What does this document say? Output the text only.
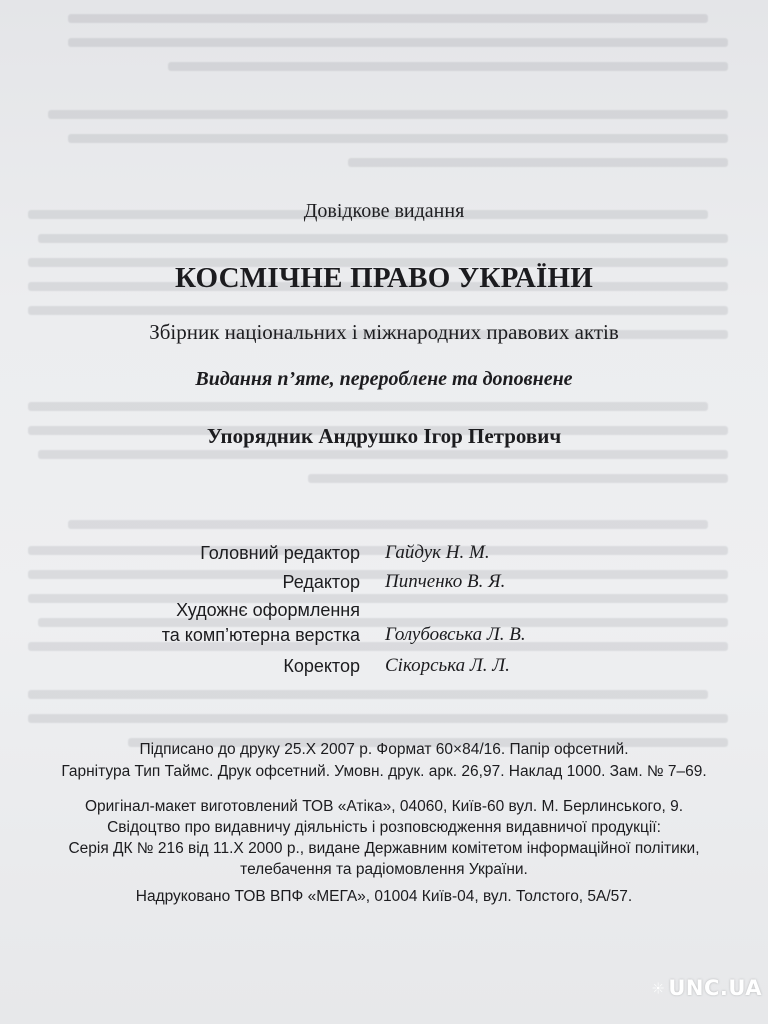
Довідкове видання
КОСМІЧНЕ ПРАВО УКРАЇНИ
Збірник національних і міжнародних правових актів
Видання п’яте, перероблене та доповнене
Упорядник Андрушко Ігор Петрович
Головний редактор Гайдук Н. М.
Редактор Пипченко В. Я.
Художнє оформлення
та комп’ютерна верстка Голубовська Л. В.
Коректор Сікорська Л. Л.
Підписано до друку 25.X 2007 р. Формат 60×84/16. Папір офсетний.
Гарнітура Тип Таймс. Друк офсетний. Умовн. друк. арк. 26,97. Наклад 1000. Зам. № 7–69.
Оригінал-макет виготовлений ТОВ «Атіка», 04060, Київ-60 вул. М. Берлинського, 9.
Свідоцтво про видавничу діяльність і розповсюдження видавничої продукції:
Серія ДК № 216 від 11.X 2000 р., видане Державним комітетом інформаційної політики,
телебачення та радіомовлення України.
Надруковано ТОВ ВПФ «МЕГА», 01004 Київ-04, вул. Толстого, 5А/57.
UNC.UA
